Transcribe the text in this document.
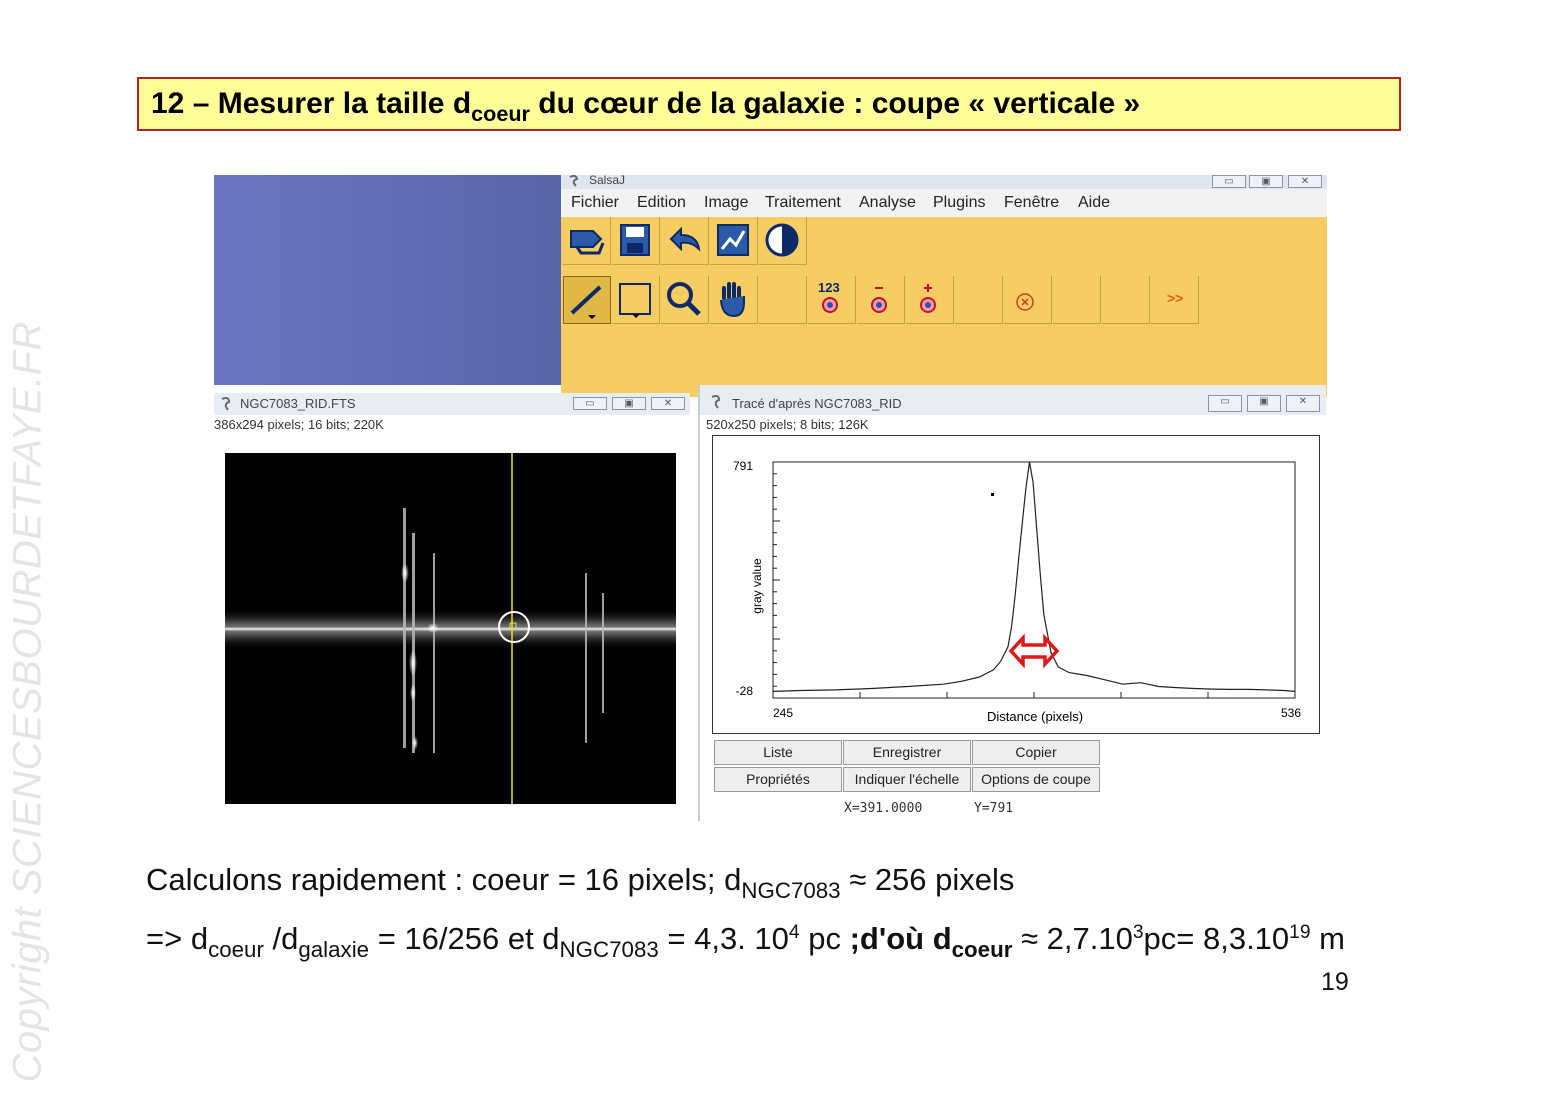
Copyright SCIENCESBOURDETFAYE.FR
12 – Mesurer la taille $d_{coeur}$ du cœur de la galaxie : coupe « verticale »
SalsaJ	▭	▣	✕
Fichier Edition Image Traitement Analyse Plugins Fenêtre Aide
123
>>
NGC7083_RID.FTS	▭	▣	✕
386x294 pixels; 16 bits; 220K
Tracé d'après NGC7083_RID	▭	▣	✕
520x250 pixels; 8 bits; 126K
791
-28
245	536
Distance (pixels)
gray value
Liste	Enregistrer	Copier
Propriétés	Indiquer l'échelle	Options de coupe
X=391.0000	Y=791
Calculons rapidement : coeur = 16 pixels; $d_{NGC7083} \approx 256$ pixels
=> $d_{coeur}$ $/d_{galaxie} = 16/256$ et $d_{NGC7083} = 4,3$. $10^4$ pc ;d'où $d_{coeur} \approx 2,7.10^3pc= 8,3.10^{19}$ m
19
